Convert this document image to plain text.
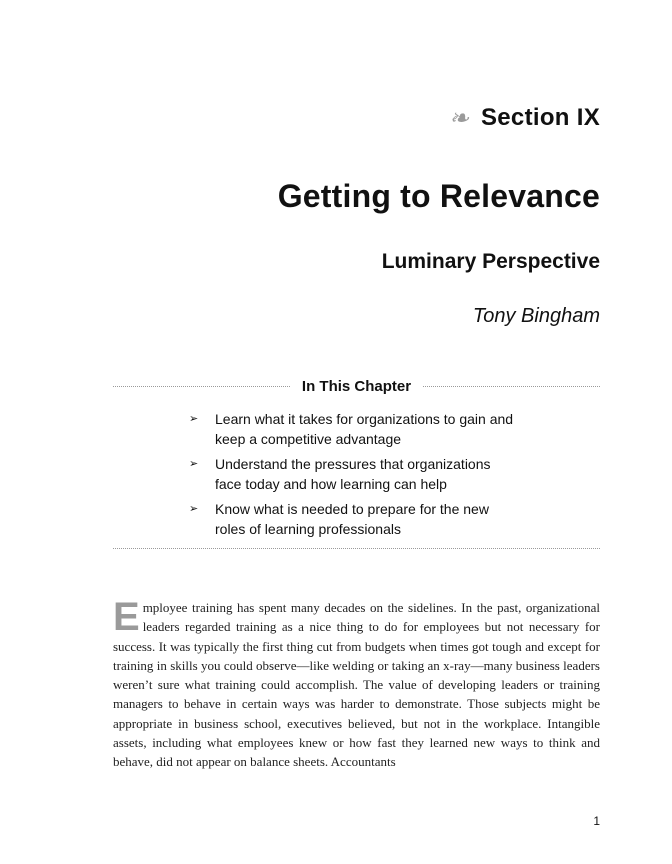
❧ Section IX
Getting to Relevance
Luminary Perspective
Tony Bingham
In This Chapter
➢ Learn what it takes for organizations to gain and keep a competitive advantage
➢ Understand the pressures that organizations face today and how learning can help
➢ Know what is needed to prepare for the new roles of learning professionals
Employee training has spent many decades on the sidelines. In the past, organizational leaders regarded training as a nice thing to do for employees but not necessary for success. It was typically the first thing cut from budgets when times got tough and except for training in skills you could observe—like welding or taking an x-ray—many business leaders weren’t sure what training could accomplish. The value of developing leaders or training managers to behave in certain ways was harder to demonstrate. Those subjects might be appropriate in business school, executives believed, but not in the workplace. Intangible assets, including what employees knew or how fast they learned new ways to think and behave, did not appear on balance sheets. Accountants
1
